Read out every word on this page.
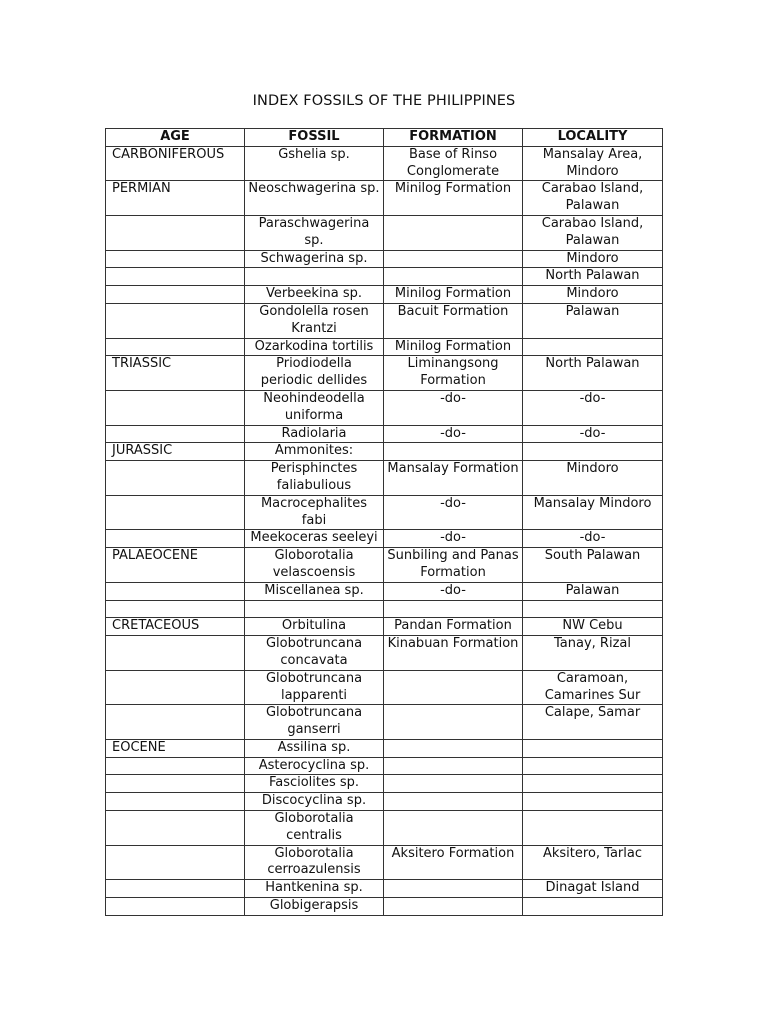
INDEX FOSSILS OF THE PHILIPPINES
AGE	FOSSIL	FORMATION	LOCALITY
CARBONIFEROUS	Gshelia sp.	Base of Rinso Conglomerate	Mansalay Area, Mindoro
PERMIAN	Neoschwagerina sp.	Minilog Formation	Carabao Island, Palawan
	Paraschwagerina sp.		Carabao Island, Palawan
	Schwagerina sp.		Mindoro
			North Palawan
	Verbeekina sp.	Minilog Formation	Mindoro
	Gondolella rosen Krantzi	Bacuit Formation	Palawan
	Ozarkodina tortilis	Minilog Formation	
TRIASSIC	Priodiodella periodic dellides	Liminangsong Formation	North Palawan
	Neohindeodella uniforma	-do-	-do-
	Radiolaria	-do-	-do-
JURASSIC	Ammonites:		
	Perisphinctes faliabulious	Mansalay Formation	Mindoro
	Macrocephalites fabi	-do-	Mansalay Mindoro
	Meekoceras seeleyi	-do-	-do-
PALAEOCENE	Globorotalia velascoensis	Sunbiling and Panas Formation	South Palawan
	Miscellanea sp.	-do-	Palawan

CRETACEOUS	Orbitulina	Pandan Formation	NW Cebu
	Globotruncana concavata	Kinabuan Formation	Tanay, Rizal
	Globotruncana lapparenti		Caramoan, Camarines Sur
	Globotruncana ganserri		Calape, Samar
EOCENE	Assilina sp.		
	Asterocyclina sp.		
	Fasciolites sp.		
	Discocyclina sp.		
	Globorotalia centralis		
	Globorotalia cerroazulensis	Aksitero Formation	Aksitero, Tarlac
	Hantkenina sp.		Dinagat Island
	Globigerapsis		
